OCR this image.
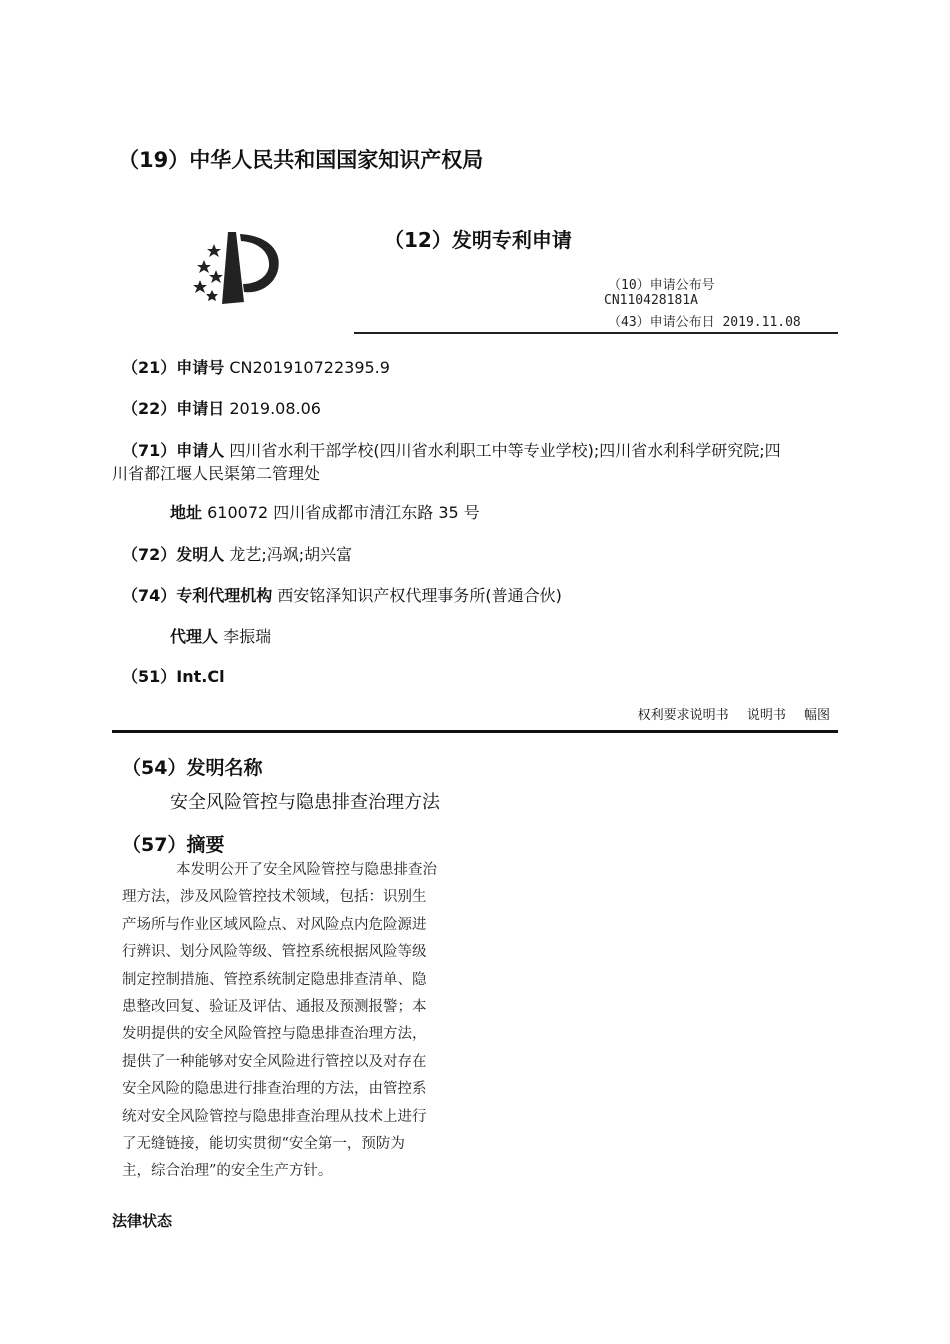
（19）中华人民共和国国家知识产权局
（12）发明专利申请
（10）申请公布号
CN110428181A
（43）申请公布日 2019.11.08
（21）申请号 CN201910722395.9
（22）申请日 2019.08.06
（71）申请人 四川省水利干部学校(四川省水利职工中等专业学校);四川省水利科学研究院;四
川省都江堰人民渠第二管理处
地址 610072 四川省成都市清江东路 35 号
（72）发明人 龙艺;冯飒;胡兴富
（74）专利代理机构 西安铭泽知识产权代理事务所(普通合伙)
代理人 李振瑞
（51）Int.Cl
权利要求说明书 说明书 幅图
（54）发明名称
安全风险管控与隐患排查治理方法
（57）摘要
本发明公开了安全风险管控与隐患排查治
理方法，涉及风险管控技术领域，包括：识别生
产场所与作业区域风险点、对风险点内危险源进
行辨识、划分风险等级、管控系统根据风险等级
制定控制措施、管控系统制定隐患排查清单、隐
患整改回复、验证及评估、通报及预测报警；本
发明提供的安全风险管控与隐患排查治理方法，
提供了一种能够对安全风险进行管控以及对存在
安全风险的隐患进行排查治理的方法，由管控系
统对安全风险管控与隐患排查治理从技术上进行
了无缝链接，能切实贯彻“安全第一，预防为
主，综合治理”的安全生产方针。
法律状态
